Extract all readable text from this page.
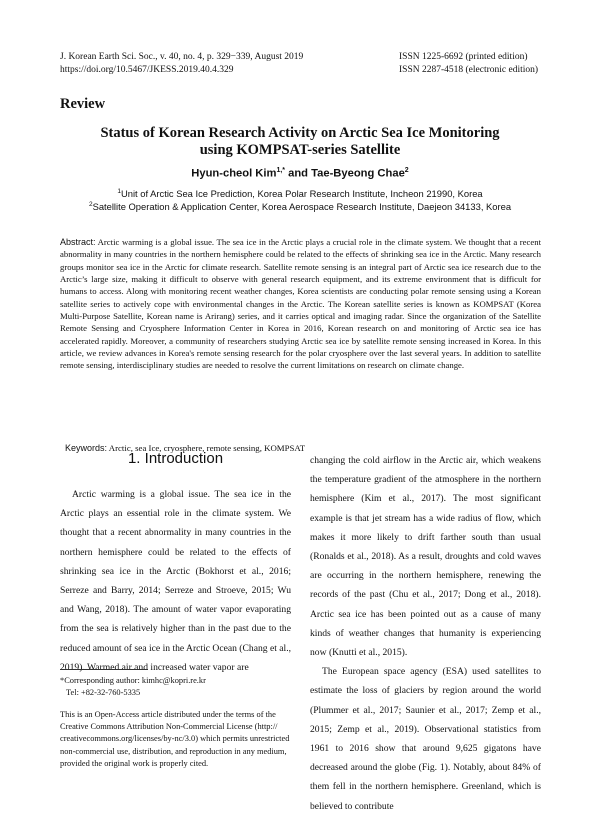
J. Korean Earth Sci. Soc., v. 40, no. 4, p. 329−339, August 2019
https://doi.org/10.5467/JKESS.2019.40.4.329
ISSN 1225-6692 (printed edition)
ISSN 2287-4518 (electronic edition)
Review
Status of Korean Research Activity on Arctic Sea Ice Monitoring
using KOMPSAT-series Satellite
Hyun-cheol Kim$^{1,*}$ and Tae-Byeong Chae$^2$
$^1$Unit of Arctic Sea Ice Prediction, Korea Polar Research Institute, Incheon 21990, Korea
$^2$Satellite Operation & Application Center, Korea Aerospace Research Institute, Daejeon 34133, Korea
Abstract: Arctic warming is a global issue. The sea ice in the Arctic plays a crucial role in the climate system. We thought that a recent abnormality in many countries in the northern hemisphere could be related to the effects of shrinking sea ice in the Arctic. Many research groups monitor sea ice in the Arctic for climate research. Satellite remote sensing is an integral part of Arctic sea ice research due to the Arctic’s large size, making it difficult to observe with general research equipment, and its extreme environment that is difficult for humans to access. Along with monitoring recent weather changes, Korea scientists are conducting polar remote sensing using a Korean satellite series to actively cope with environmental changes in the Arctic. The Korean satellite series is known as KOMPSAT (Korea Multi-Purpose Satellite, Korean name is Arirang) series, and it carries optical and imaging radar. Since the organization of the Satellite Remote Sensing and Cryosphere Information Center in Korea in 2016, Korean research on and monitoring of Arctic sea ice has accelerated rapidly. Moreover, a community of researchers studying Arctic sea ice by satellite remote sensing increased in Korea. In this article, we review advances in Korea's remote sensing research for the polar cryosphere over the last several years. In addition to satellite remote sensing, interdisciplinary studies are needed to resolve the current limitations on research on climate change.
Keywords: Arctic, sea Ice, cryosphere, remote sensing, KOMPSAT
1. Introduction

Arctic warming is a global issue. The sea ice in the Arctic plays an essential role in the climate system. We thought that a recent abnormality in many countries in the northern hemisphere could be related to the effects of shrinking sea ice in the Arctic (Bokhorst et al., 2016; Serreze and Barry, 2014; Serreze and Stroeve, 2015; Wu and Wang, 2018). The amount of water vapor evaporating from the sea is relatively higher than in the past due to the reduced amount of sea ice in the Arctic Ocean (Chang et al., 2019). Warmed air and increased water vapor are

*Corresponding author: kimhc@kopri.re.kr
Tel: +82-32-760-5335
This is an Open-Access article distributed under the terms of the
Creative Commons Attribution Non-Commercial License (http://
creativecommons.org/licenses/by-nc/3.0) which permits unrestricted
non-commercial use, distribution, and reproduction in any medium,
provided the original work is properly cited.

changing the cold airflow in the Arctic air, which weakens the temperature gradient of the atmosphere in the northern hemisphere (Kim et al., 2017). The most significant example is that jet stream has a wide radius of flow, which makes it more likely to drift farther south than usual (Ronalds et al., 2018). As a result, droughts and cold waves are occurring in the northern hemisphere, renewing the records of the past (Chu et al., 2017; Dong et al., 2018). Arctic sea ice has been pointed out as a cause of many kinds of weather changes that humanity is experiencing now (Knutti et al., 2015).

The European space agency (ESA) used satellites to estimate the loss of glaciers by region around the world (Plummer et al., 2017; Saunier et al., 2017; Zemp et al., 2015; Zemp et al., 2019). Observational statistics from 1961 to 2016 show that around 9,625 gigatons have decreased around the globe (Fig. 1). Notably, about 84% of them fell in the northern hemisphere. Greenland, which is believed to contribute
